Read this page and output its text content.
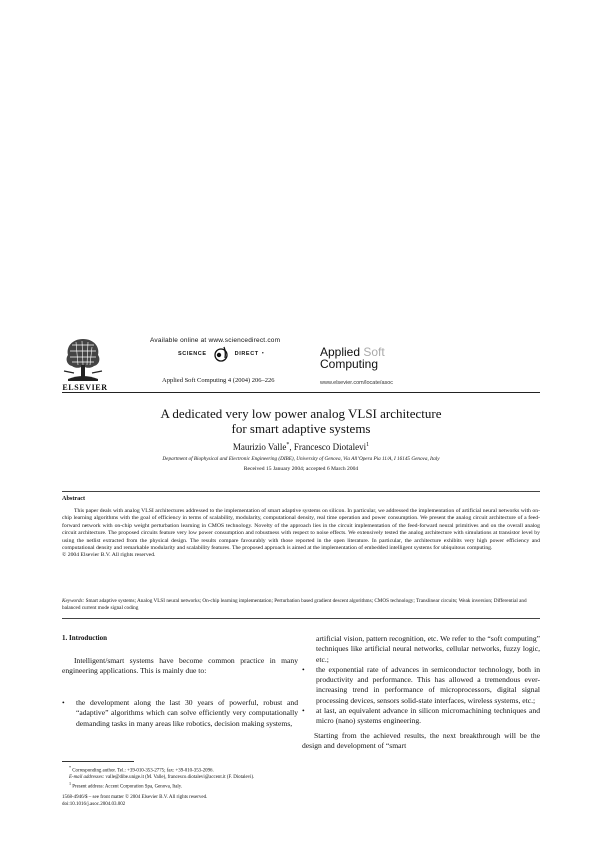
ELSEVIER
Available online at www.sciencedirect.com
SCIENCE	DIRECT •
Applied Soft Computing 4 (2004) 206–226
Applied Soft
Computing
www.elsevier.com/locate/asoc
A dedicated very low power analog VLSI architecture
for smart adaptive systems
Maurizio Valle*, Francesco Diotalevi$^1$
Department of Biophysical and Electronic Engineering (DIBE), University of Genova, Via All’Opera Pia 11/A, I 16145 Genova, Italy
Received 15 January 2004; accepted 6 March 2004
Abstract
This paper deals with analog VLSI architectures addressed to the implementation of smart adaptive systems on silicon. In particular, we addressed the implementation of artificial neural networks with on-chip learning algorithms with the goal of efficiency in terms of scalability, modularity, computational density, real time operation and power consumption. We present the analog circuit architecture of a feed-forward network with on-chip weight perturbation learning in CMOS technology. Novelty of the approach lies in the circuit implementation of the feed-forward neural primitives and on the overall analog circuit architecture. The proposed circuits feature very low power consumption and robustness with respect to noise effects. We extensively tested the analog architecture with simulations at transistor level by using the netlist extracted from the physical design. The results compare favourably with those reported in the open literature. In particular, the architecture exhibits very high power efficiency and computational density and remarkable modularity and scalability features. The proposed approach is aimed at the implementation of embedded intelligent systems for ubiquitous computing.
© 2004 Elsevier B.V. All rights reserved.
Keywords: Smart adaptive systems; Analog VLSI neural networks; On-chip learning implementation; Perturbation based gradient descent algorithms; CMOS technology; Translinear circuits; Weak inversion; Differential and balanced current mode signal coding
1. Introduction
Intelligent/smart systems have become common practice in many engineering applications. This is mainly due to:
• the development along the last 30 years of powerful, robust and “adaptive” algorithms which can solve efficiently very computationally demanding tasks in many areas like robotics, decision making systems,
* Corresponding author. Tel.: +39-010-353-2775; fax: +39-010-353-2096.
E-mail addresses: valle@dibe.unige.it (M. Valle), francesco.diotalevi@accent.it (F. Diotalevi).
$^1$ Present address: Accent Corporation Spa, Genova, Italy.
1568-4946/$ – see front matter © 2004 Elsevier B.V. All rights reserved.
doi:10.1016/j.asoc.2004.03.002
artificial vision, pattern recognition, etc. We refer to the “soft computing” techniques like artificial neural networks, cellular networks, fuzzy logic, etc.;
• the exponential rate of advances in semiconductor technology, both in productivity and performance. This has allowed a tremendous ever-increasing trend in performance of microprocessors, digital signal processing devices, sensors solid-state interfaces, wireless systems, etc.;
• at last, an equivalent advance in silicon micromachining techniques and micro (nano) systems engineering.
Starting from the achieved results, the next breakthrough will be the design and development of “smart
